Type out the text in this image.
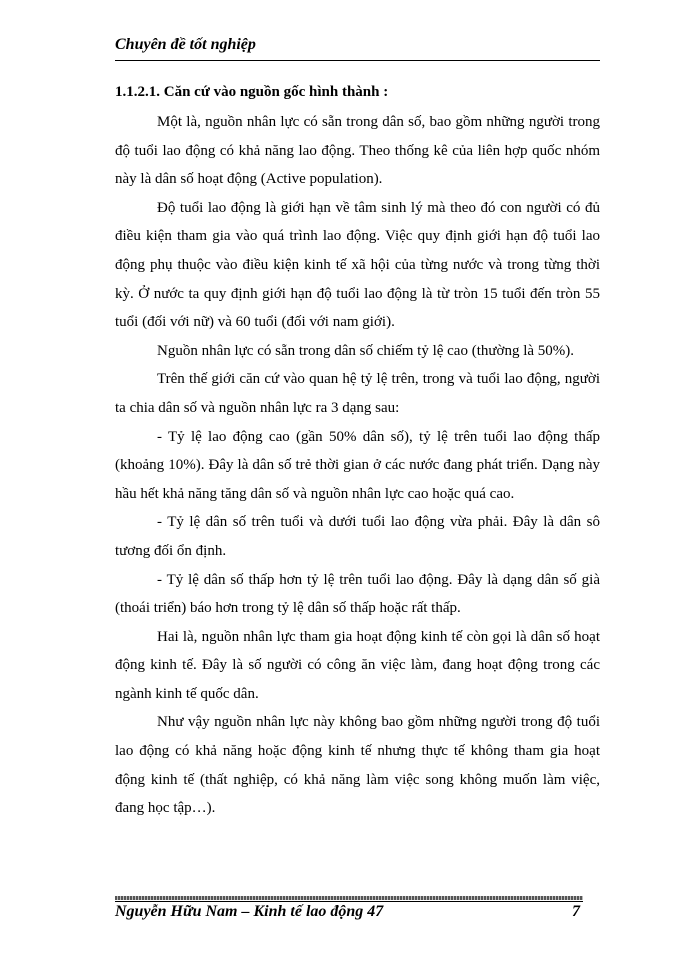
Chuyên đề tốt nghiệp
1.1.2.1. Căn cứ vào nguồn gốc hình thành :

Một là, nguồn nhân lực có sẵn trong dân số, bao gồm những người trong độ tuổi lao động có khả năng lao động. Theo thống kê của liên hợp quốc nhóm này là dân số hoạt động (Active population).

Độ tuổi lao động là giới hạn về tâm sinh lý mà theo đó con người có đủ điều kiện tham gia vào quá trình lao động. Việc quy định giới hạn độ tuổi lao động phụ thuộc vào điều kiện kinh tế xã hội của từng nước và trong từng thời kỳ. Ở nước ta quy định giới hạn độ tuổi lao động là từ tròn 15 tuổi đến tròn 55 tuổi (đối với nữ) và 60 tuổi (đối với nam giới).

Nguồn nhân lực có sẵn trong dân số chiếm tỷ lệ cao (thường là 50%).

Trên thế giới căn cứ vào quan hệ tỷ lệ trên, trong và tuổi lao động, người ta chia dân số và nguồn nhân lực ra 3 dạng sau:

- Tỷ lệ lao động cao (gần 50% dân số), tỷ lệ trên tuổi lao động thấp (khoảng 10%). Đây là dân số trẻ thời gian ở các nước đang phát triển. Dạng này hầu hết khả năng tăng dân số và nguồn nhân lực cao hoặc quá cao.

- Tỷ lệ dân số trên tuổi và dưới tuổi lao động vừa phải. Đây là dân sô tương đối ổn định.

- Tỷ lệ dân số thấp hơn tỷ lệ trên tuổi lao động. Đây là dạng dân số già (thoái triển) báo hơn trong tỷ lệ dân số thấp hoặc rất thấp.

Hai là, nguồn nhân lực tham gia hoạt động kinh tế còn gọi là dân số hoạt động kinh tế. Đây là số người có công ăn việc làm, đang hoạt động trong các ngành kinh tế quốc dân.

Như vậy nguồn nhân lực này không bao gồm những người trong độ tuổi lao động có khả năng hoặc động kinh tế nhưng thực tế không tham gia hoạt động kinh tế (thất nghiệp, có khả năng làm việc song không muốn làm việc, đang học tập…).

Nguyễn Hữu Nam – Kinh tế lao động 47	7
